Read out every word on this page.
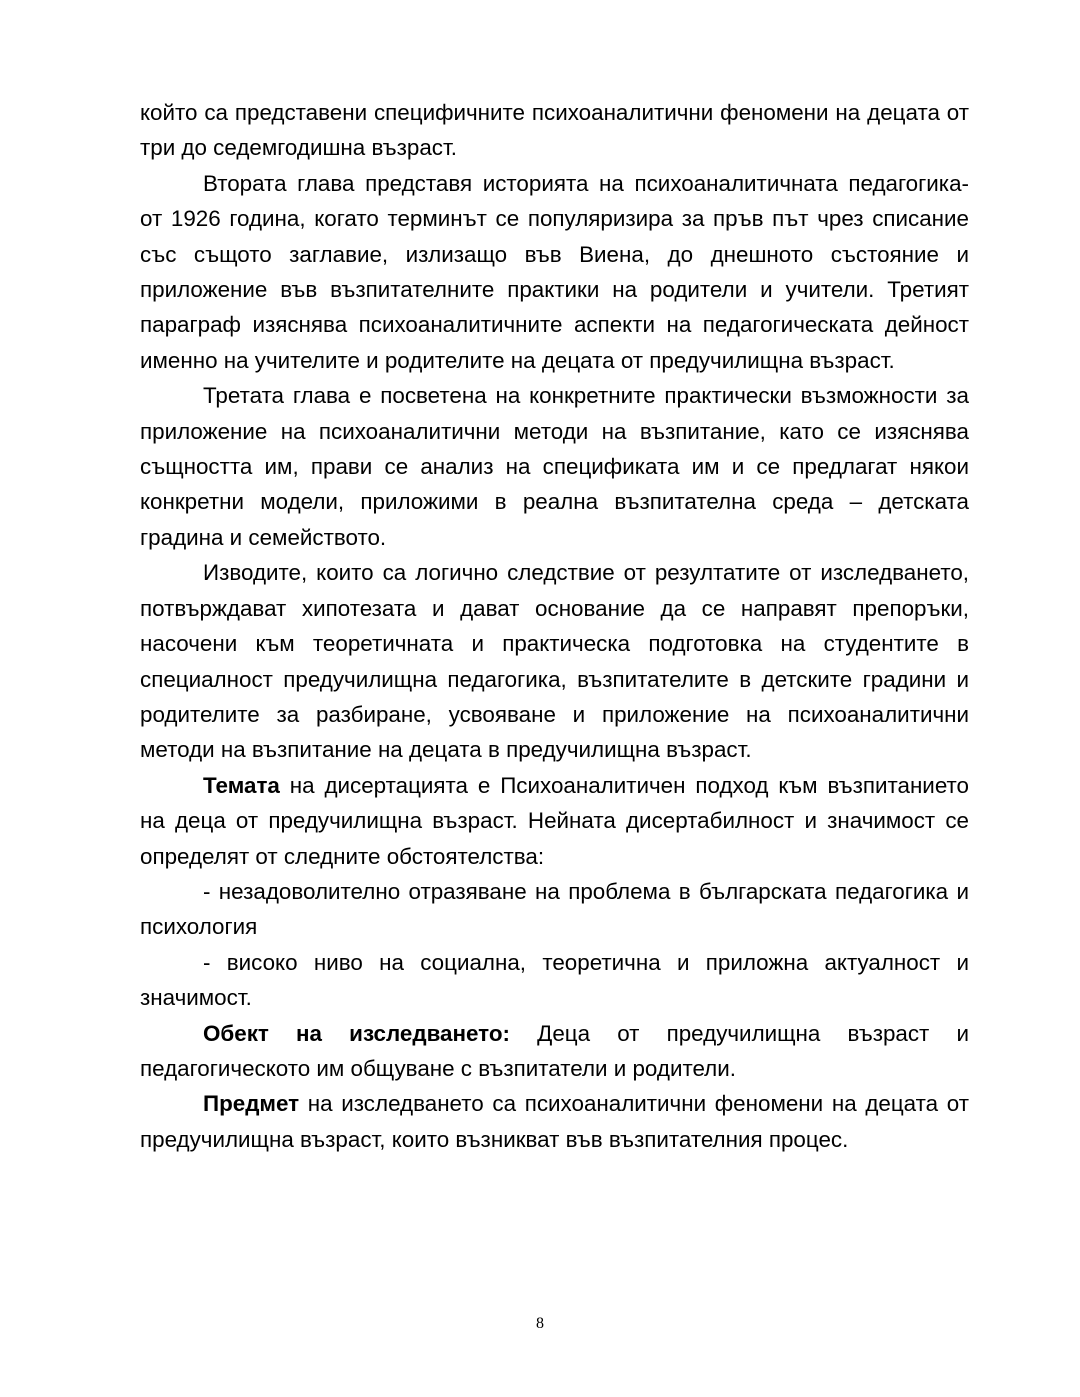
който са представени специфичните психоаналитични феномени на децата от три до седемгодишна възраст.

Втората глава представя историята на психоаналитичната педагогика- от 1926 година, когато терминът се популяризира за пръв път чрез списание със същото заглавие, излизащо във Виена, до днешното състояние и приложение във възпитателните практики на родители и учители. Третият параграф изяснява психоаналитичните аспекти на педагогическата дейност именно на учителите и родителите на децата от предучилищна възраст.

Третата глава е посветена на конкретните практически възможности за приложение на психоаналитични методи на възпитание, като се изяснява същността им, прави се анализ на спецификата им и се предлагат някои конкретни модели, приложими в реална възпитателна среда – детската градина и семейството.

Изводите, които са логично следствие от резултатите от изследването, потвърждават хипотезата и дават основание да се направят препоръки, насочени към теоретичната и практическа подготовка на студентите в специалност предучилищна педагогика, възпитателите в детските градини и родителите за разбиране, усвояване и приложение на психоаналитични методи на възпитание на децата в предучилищна възраст.

Темата на дисертацията е Психоаналитичен подход към възпитанието на деца от предучилищна възраст. Нейната дисертабилност и значимост се определят от следните обстоятелства:

- незадоволително отразяване на проблема в българската педагогика и психология

- високо ниво на социална, теоретична и приложна актуалност и значимост.

Обект на изследването: Деца от предучилищна възраст и педагогическото им общуване с възпитатели и родители.

Предмет на изследването са психоаналитични феномени на децата от предучилищна възраст, които възникват във възпитателния процес.

8
